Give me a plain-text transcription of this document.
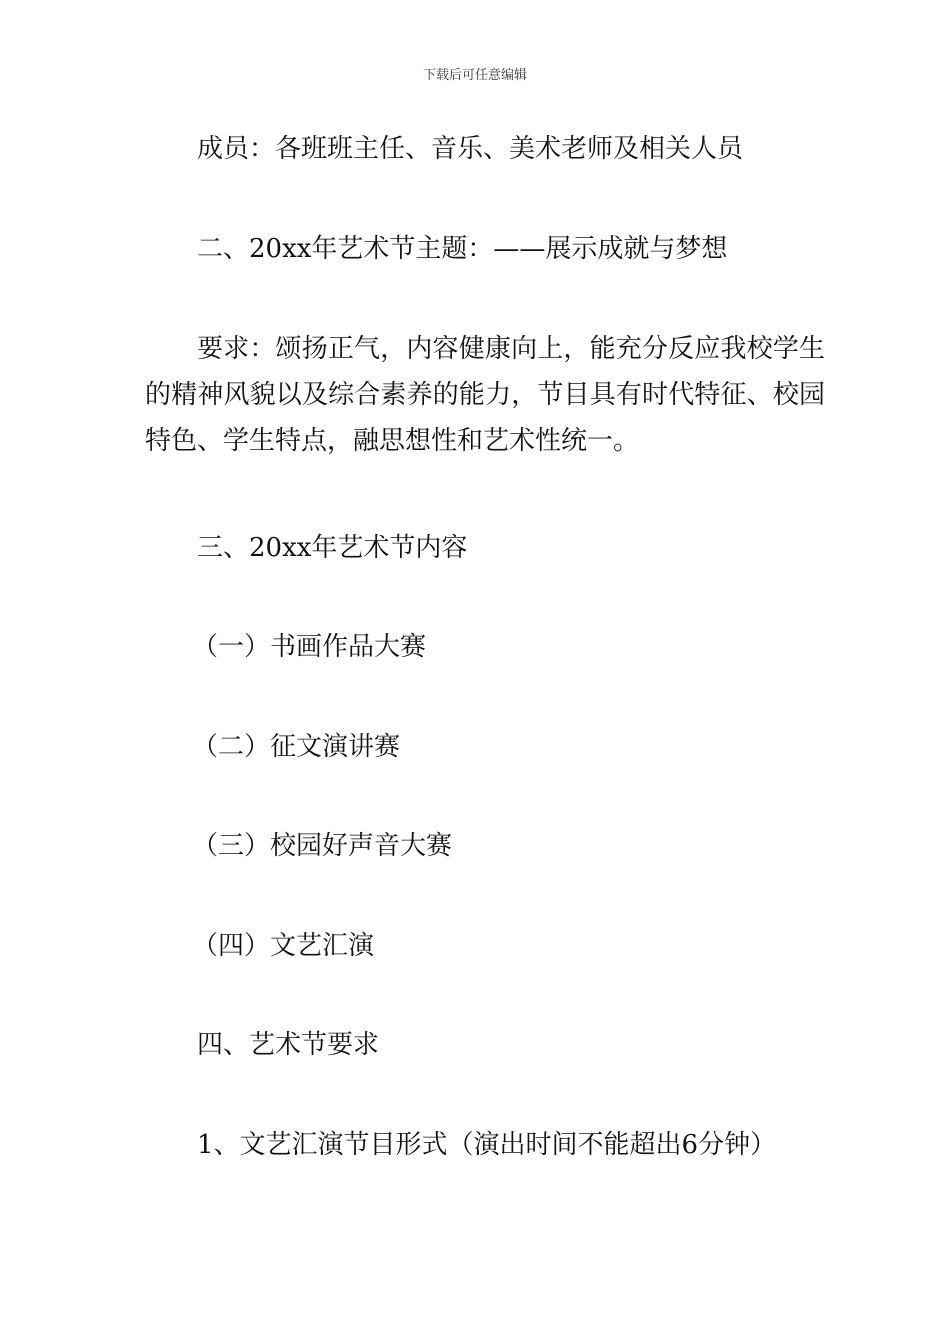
下载后可任意编辑
成员：各班班主任、音乐、美术老师及相关人员
二、20xx年艺术节主题：——展示成就与梦想
要求：颂扬正气，内容健康向上，能充分反应我校学生的精神风貌以及综合素养的能力，节目具有时代特征、校园特色、学生特点，融思想性和艺术性统一。
三、20xx年艺术节内容
（一）书画作品大赛
（二）征文演讲赛
（三）校园好声音大赛
（四）文艺汇演
四、艺术节要求
1、文艺汇演节目形式（演出时间不能超出6分钟）
